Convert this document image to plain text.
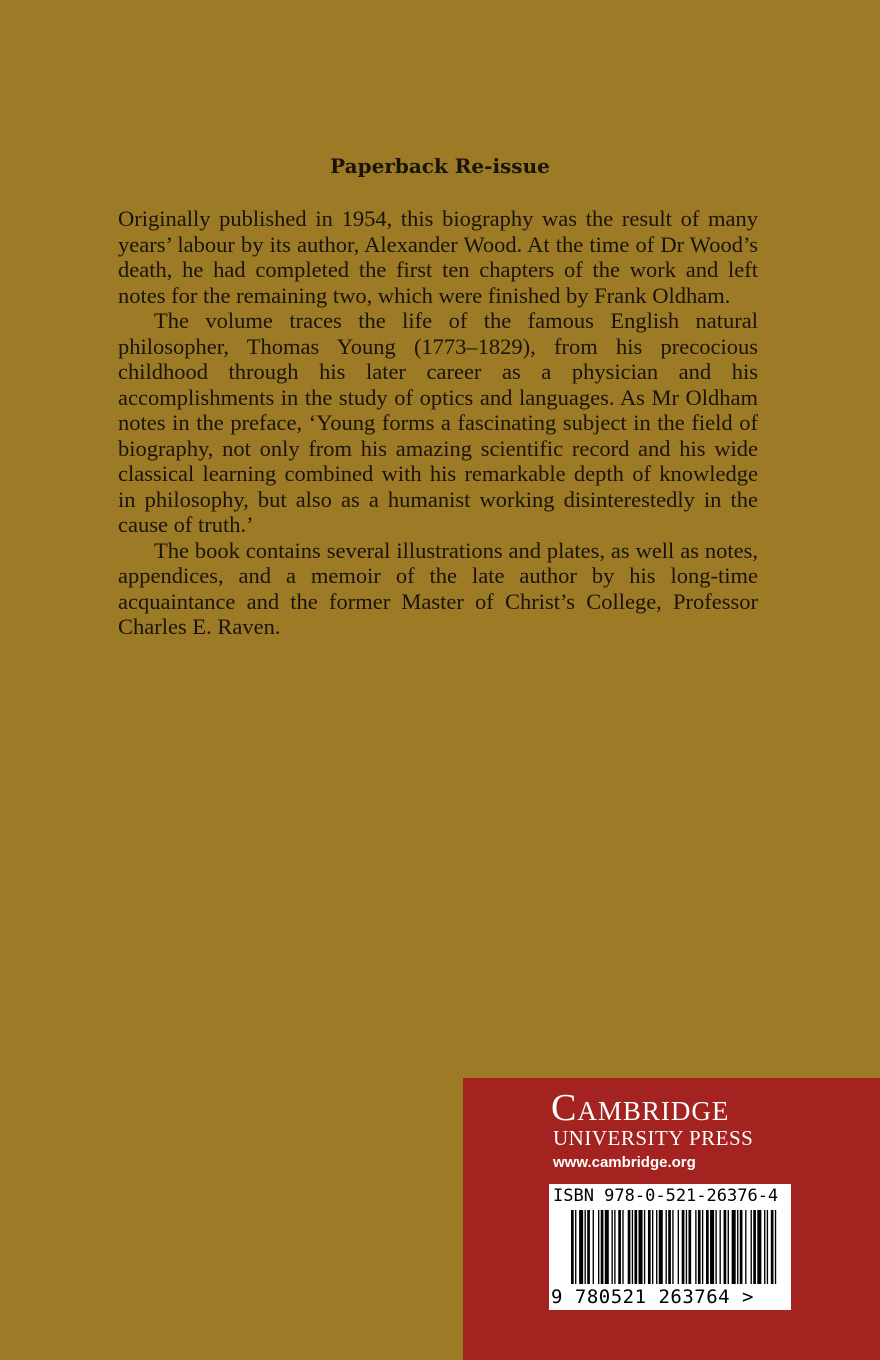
Paperback Re-issue

Originally published in 1954, this biography was the result of many years’ labour by its author, Alexander Wood. At the time of Dr Wood’s death, he had completed the first ten chapters of the work and left notes for the remaining two, which were finished by Frank Oldham.

The volume traces the life of the famous English natural philosopher, Thomas Young (1773–1829), from his precocious childhood through his later career as a physician and his accomplishments in the study of optics and languages. As Mr Oldham notes in the preface, ‘Young forms a fascinating subject in the field of biography, not only from his amazing scientific record and his wide classical learning combined with his remarkable depth of knowledge in philosophy, but also as a humanist working disinterestedly in the cause of truth.’

The book contains several illustrations and plates, as well as notes, appendices, and a memoir of the late author by his long-time acquaintance and the former Master of Christ’s College, Professor Charles E. Raven.

Cambridge
UNIVERSITY PRESS
www.cambridge.org
ISBN 978-0-521-26376-4
9 780521 263764 >
